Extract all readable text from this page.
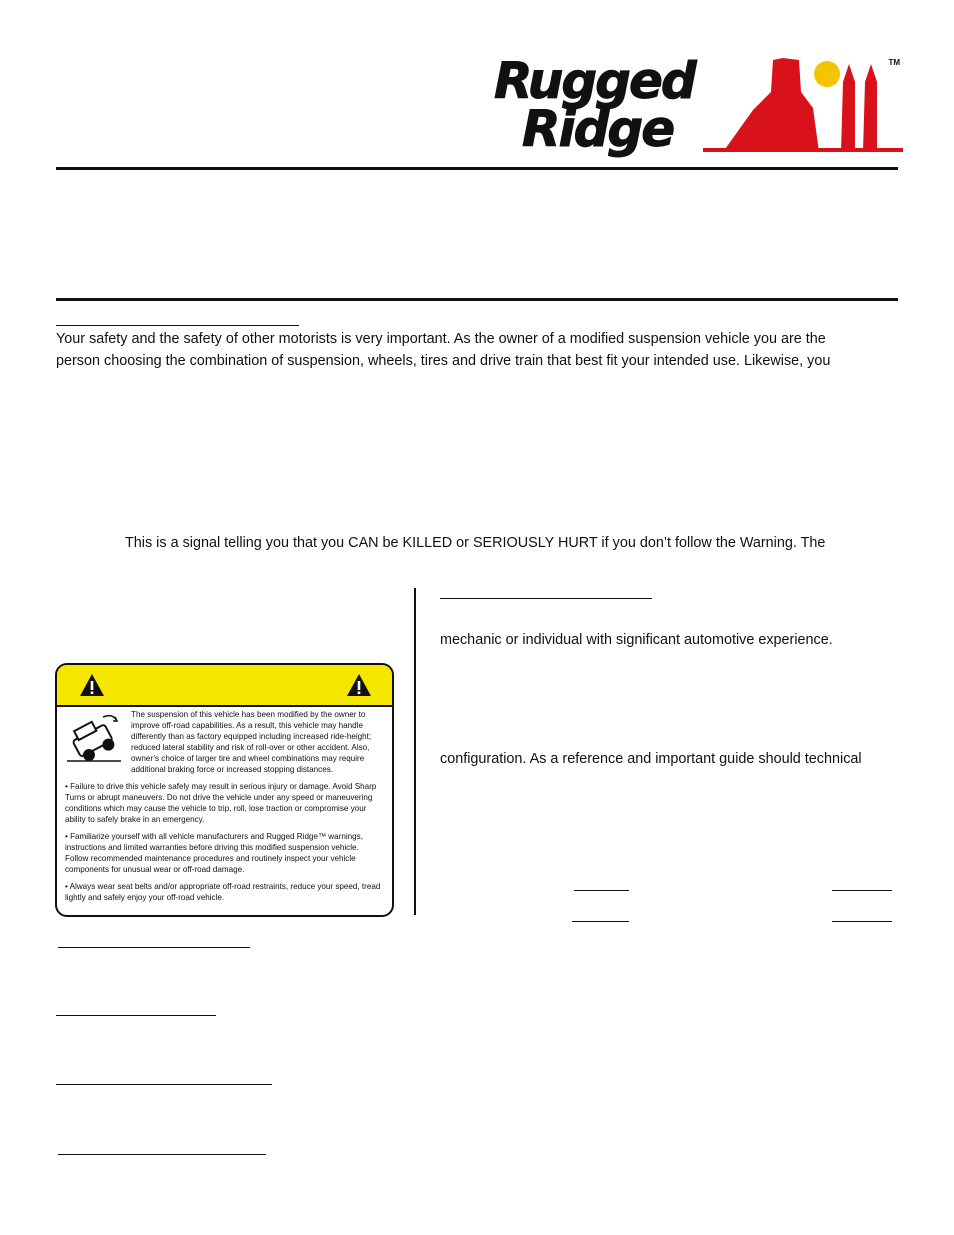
Rugged
Ridge
TM
Your safety and the safety of other motorists is very important. As the owner of a modified suspension vehicle you are the
person choosing the combination of suspension, wheels, tires and drive train that best fit your intended use. Likewise, you
This is a signal telling you that you CAN be KILLED or SERIOUSLY HURT if you don’t follow the Warning. The
mechanic or individual with significant automotive experience.
configuration. As a reference and important guide should technical
The suspension of this vehicle has been modified by the owner to improve off-road capabilities. As a result, this vehicle may handle differently than as factory equipped including increased ride-height; reduced lateral stability and risk of roll-over or other accident. Also, owner’s choice of larger tire and wheel combinations may require additional braking force or increased stopping distances.
• Failure to drive this vehicle safely may result in serious injury or damage. Avoid Sharp Turns or abrupt maneuvers. Do not drive the vehicle under any speed or maneuvering conditions which may cause the vehicle to trip, roll, lose traction or compromise your ability to safely brake in an emergency.
• Familiarize yourself with all vehicle manufacturers and Rugged Ridge™ warnings, instructions and limited warranties before driving this modified suspension vehicle. Follow recommended maintenance procedures and routinely inspect your vehicle components for unusual wear or off-road damage.
• Always wear seat belts and/or appropriate off-road restraints, reduce your speed, tread lightly and safely enjoy your off-road vehicle.
